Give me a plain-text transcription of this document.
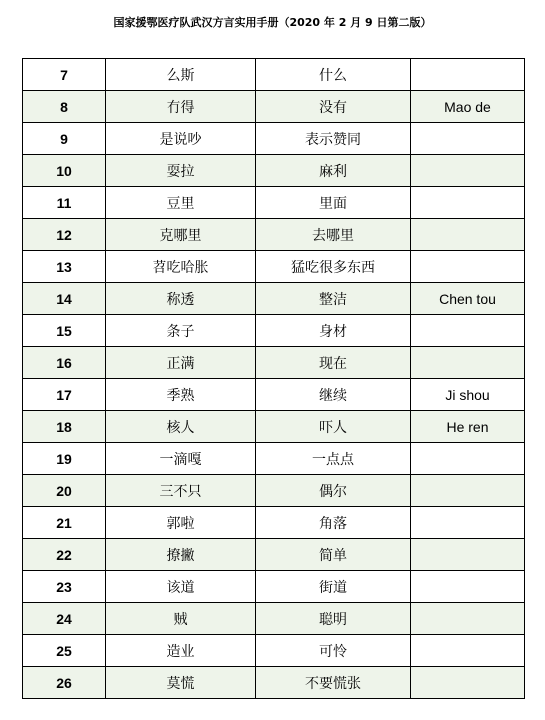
国家援鄂医疗队武汉方言实用手册（2020 年 2 月 9 日第二版）
7	么斯	什么	
8	冇得	没有	Mao de
9	是说吵	表示赞同	
10	耍拉	麻利	
11	豆里	里面	
12	克哪里	去哪里	
13	苕吃哈胀	猛吃很多东西	
14	称透	整洁	Chen tou
15	条子	身材	
16	正满	现在	
17	季熟	继续	Ji shou
18	核人	吓人	He ren
19	一滴嘎	一点点	
20	三不只	偶尔	
21	郭啦	角落	
22	撩撇	简单	
23	该道	街道	
24	贼	聪明	
25	造业	可怜	
26	莫慌	不要慌张	
